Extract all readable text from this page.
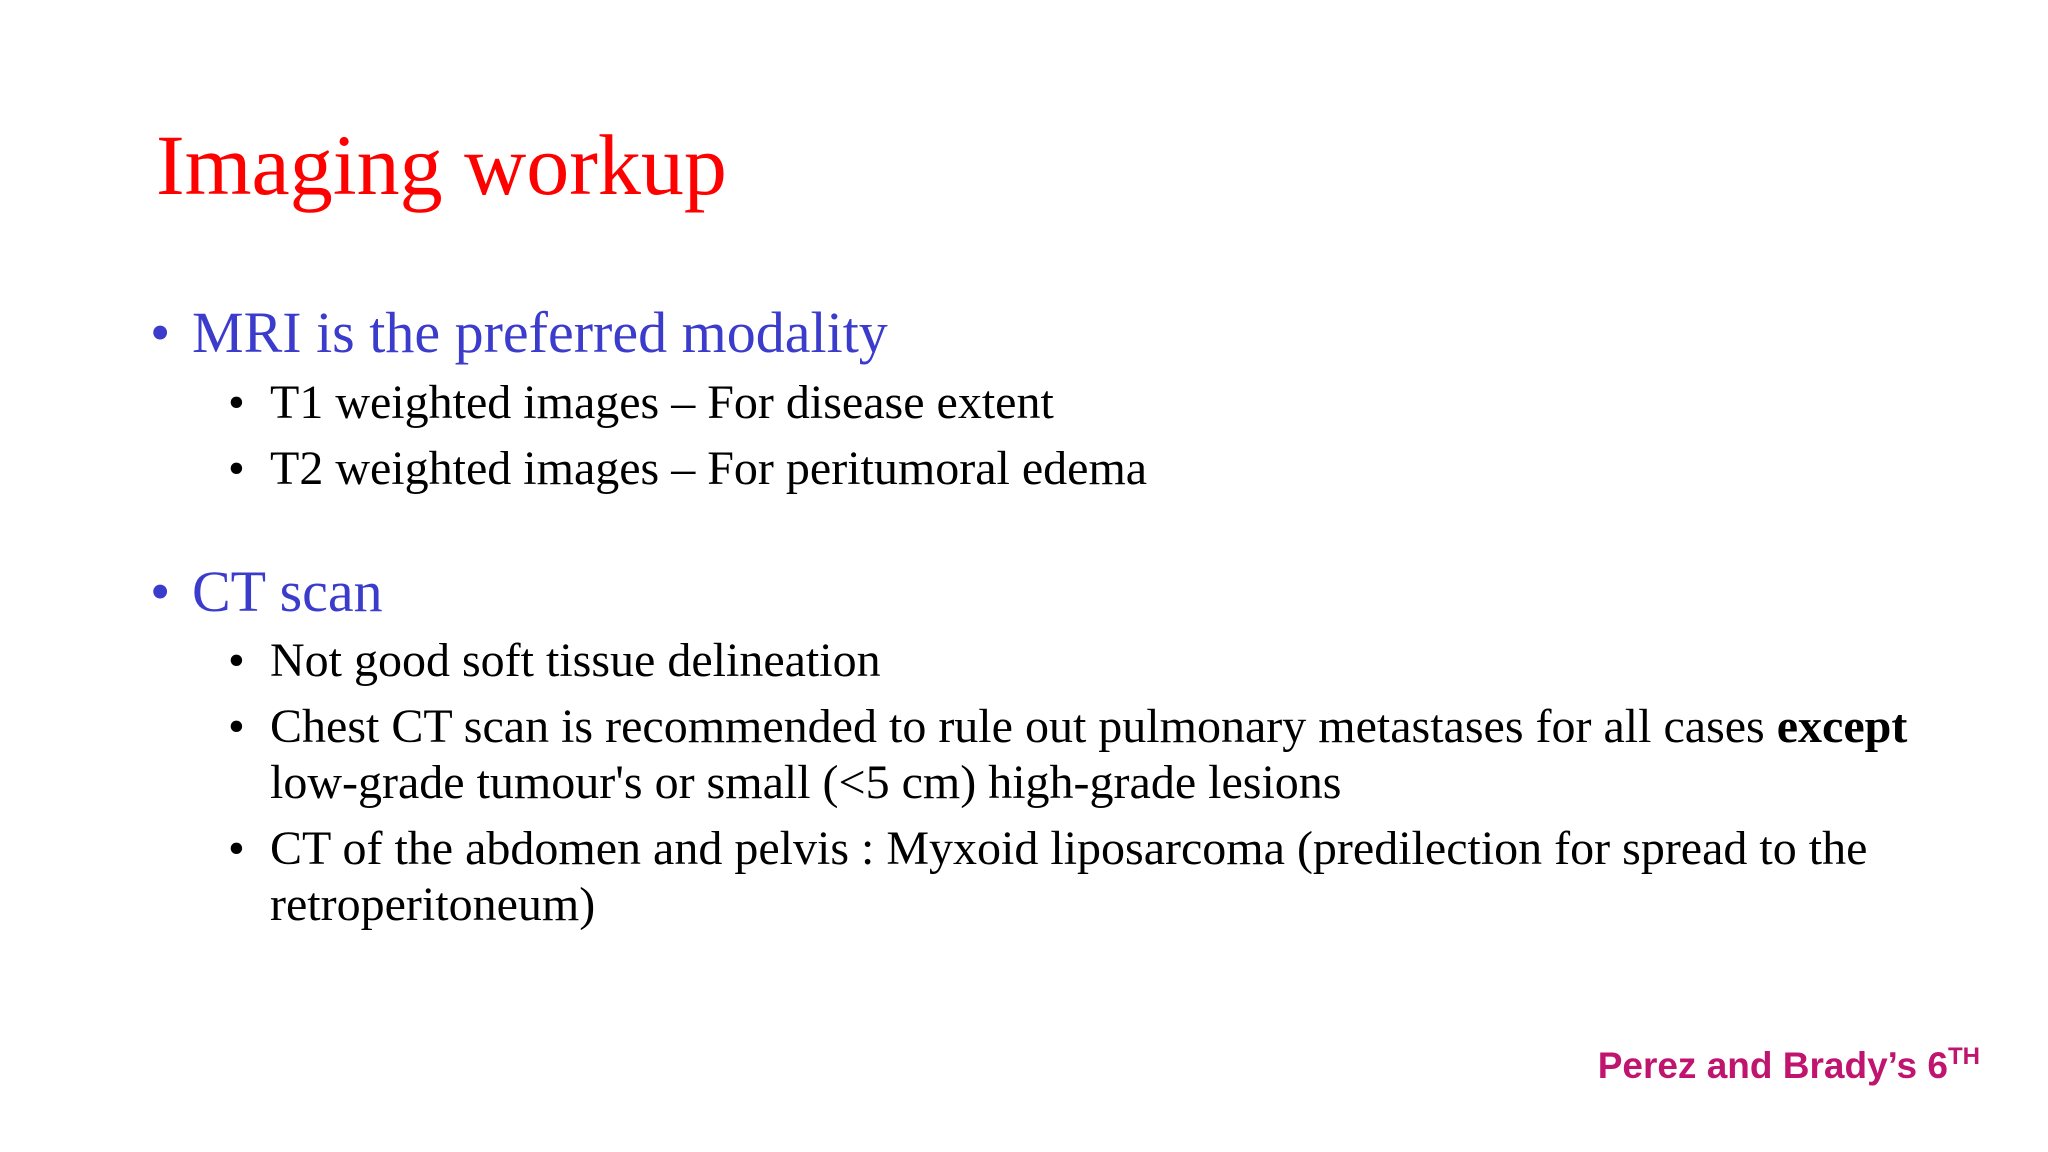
Imaging workup
• MRI is the preferred modality
• T1 weighted images – For disease extent
• T2 weighted images – For peritumoral edema
• CT scan
• Not good soft tissue delineation
• Chest CT scan is recommended to rule out pulmonary metastases for all cases except low-grade tumour's or small (<5 cm) high-grade lesions
• CT of the abdomen and pelvis : Myxoid liposarcoma (predilection for spread to the retroperitoneum)
Perez and Brady’s 6TH
